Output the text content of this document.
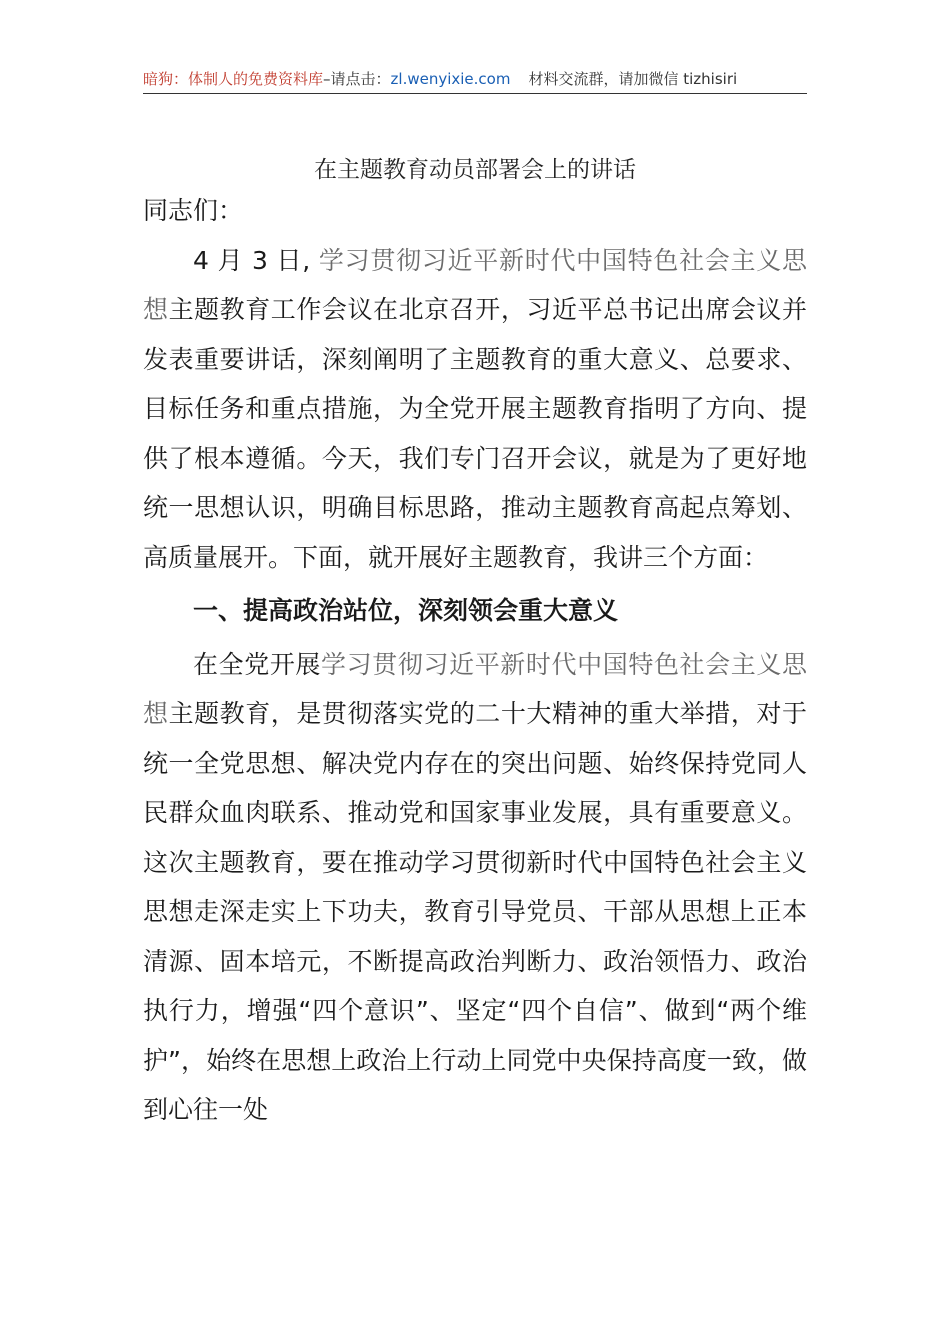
暗狗：体制人的免费资料库–请点击：zl.wenyixie.com 材料交流群，请加微信 tizhisiri
在主题教育动员部署会上的讲话

同志们：

4 月 3 日, 学习贯彻习近平新时代中国特色社会主义思想主题教育工作会议在北京召开，习近平总书记出席会议并发表重要讲话，深刻阐明了主题教育的重大意义、总要求、目标任务和重点措施，为全党开展主题教育指明了方向、提供了根本遵循。今天，我们专门召开会议，就是为了更好地统一思想认识，明确目标思路，推动主题教育高起点筹划、高质量展开。下面，就开展好主题教育，我讲三个方面：

一、提高政治站位，深刻领会重大意义

在全党开展学习贯彻习近平新时代中国特色社会主义思想主题教育，是贯彻落实党的二十大精神的重大举措，对于统一全党思想、解决党内存在的突出问题、始终保持党同人民群众血肉联系、推动党和国家事业发展，具有重要意义。这次主题教育，要在推动学习贯彻新时代中国特色社会主义思想走深走实上下功夫，教育引导党员、干部从思想上正本清源、固本培元，不断提高政治判断力、政治领悟力、政治执行力，增强“四个意识”、坚定“四个自信”、做到“两个维护”，始终在思想上政治上行动上同党中央保持高度一致，做到心往一处
